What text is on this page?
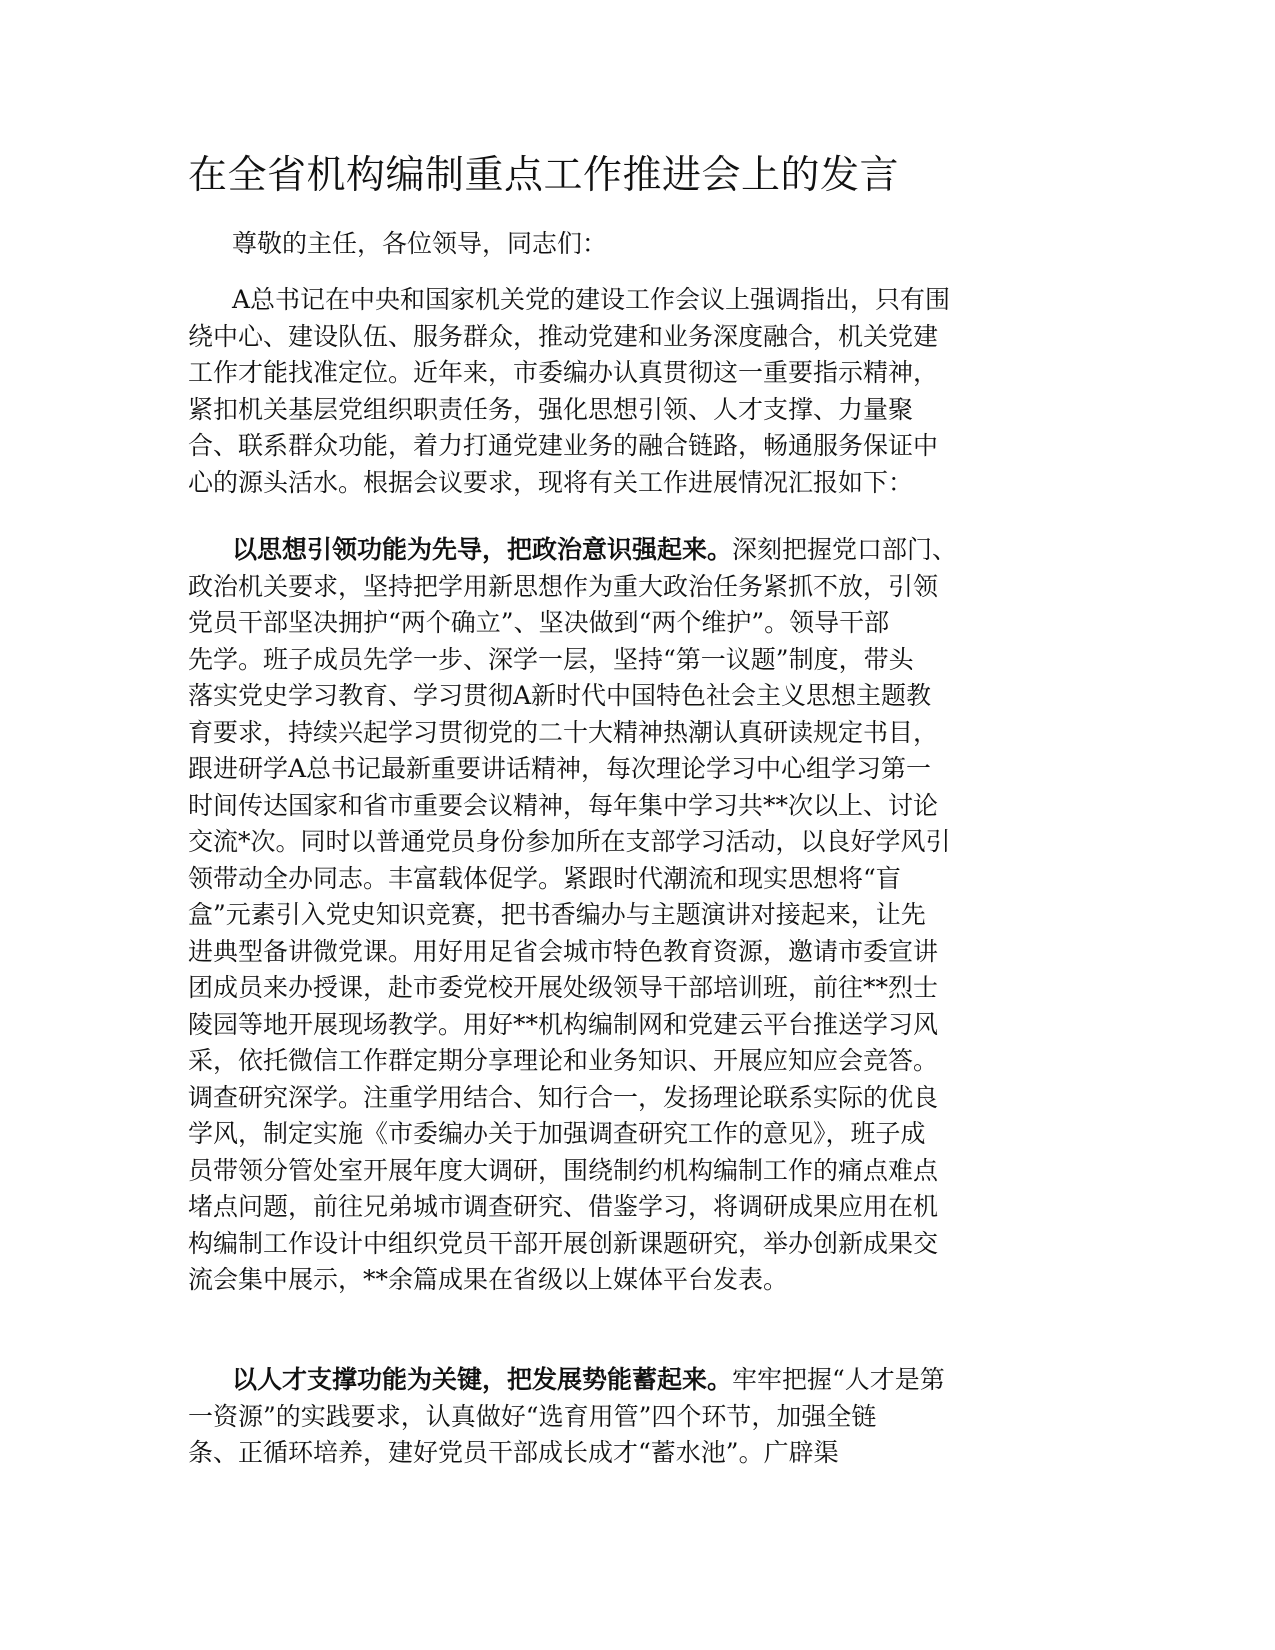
在全省机构编制重点工作推进会上的发言

尊敬的主任，各位领导，同志们：

A总书记在中央和国家机关党的建设工作会议上强调指出，只有围
绕中心、建设队伍、服务群众，推动党建和业务深度融合，机关党建
工作才能找准定位。近年来，市委编办认真贯彻这一重要指示精神，
紧扣机关基层党组织职责任务，强化思想引领、人才支撑、力量聚
合、联系群众功能，着力打通党建业务的融合链路，畅通服务保证中
心的源头活水。根据会议要求，现将有关工作进展情况汇报如下：
以思想引领功能为先导，把政治意识强起来。深刻把握党口部门、
政治机关要求，坚持把学用新思想作为重大政治任务紧抓不放，引领
党员干部坚决拥护“两个确立”、坚决做到“两个维护”。领导干部
先学。班子成员先学一步、深学一层，坚持“第一议题”制度，带头
落实党史学习教育、学习贯彻A新时代中国特色社会主义思想主题教
育要求，持续兴起学习贯彻党的二十大精神热潮认真研读规定书目，
跟进研学A总书记最新重要讲话精神，每次理论学习中心组学习第一
时间传达国家和省市重要会议精神，每年集中学习共**次以上、讨论
交流*次。同时以普通党员身份参加所在支部学习活动，以良好学风引
领带动全办同志。丰富载体促学。紧跟时代潮流和现实思想将“盲
盒”元素引入党史知识竞赛，把书香编办与主题演讲对接起来，让先
进典型备讲微党课。用好用足省会城市特色教育资源，邀请市委宣讲
团成员来办授课，赴市委党校开展处级领导干部培训班，前往**烈士
陵园等地开展现场教学。用好**机构编制网和党建云平台推送学习风
采，依托微信工作群定期分享理论和业务知识、开展应知应会竞答。
调查研究深学。注重学用结合、知行合一，发扬理论联系实际的优良
学风，制定实施《市委编办关于加强调查研究工作的意见》，班子成
员带领分管处室开展年度大调研，围绕制约机构编制工作的痛点难点
堵点问题，前往兄弟城市调查研究、借鉴学习，将调研成果应用在机
构编制工作设计中组织党员干部开展创新课题研究，举办创新成果交
流会集中展示，**余篇成果在省级以上媒体平台发表。
以人才支撑功能为关键，把发展势能蓄起来。牢牢把握“人才是第
一资源”的实践要求，认真做好“选育用管”四个环节，加强全链
条、正循环培养，建好党员干部成长成才“蓄水池”。广辟渠
